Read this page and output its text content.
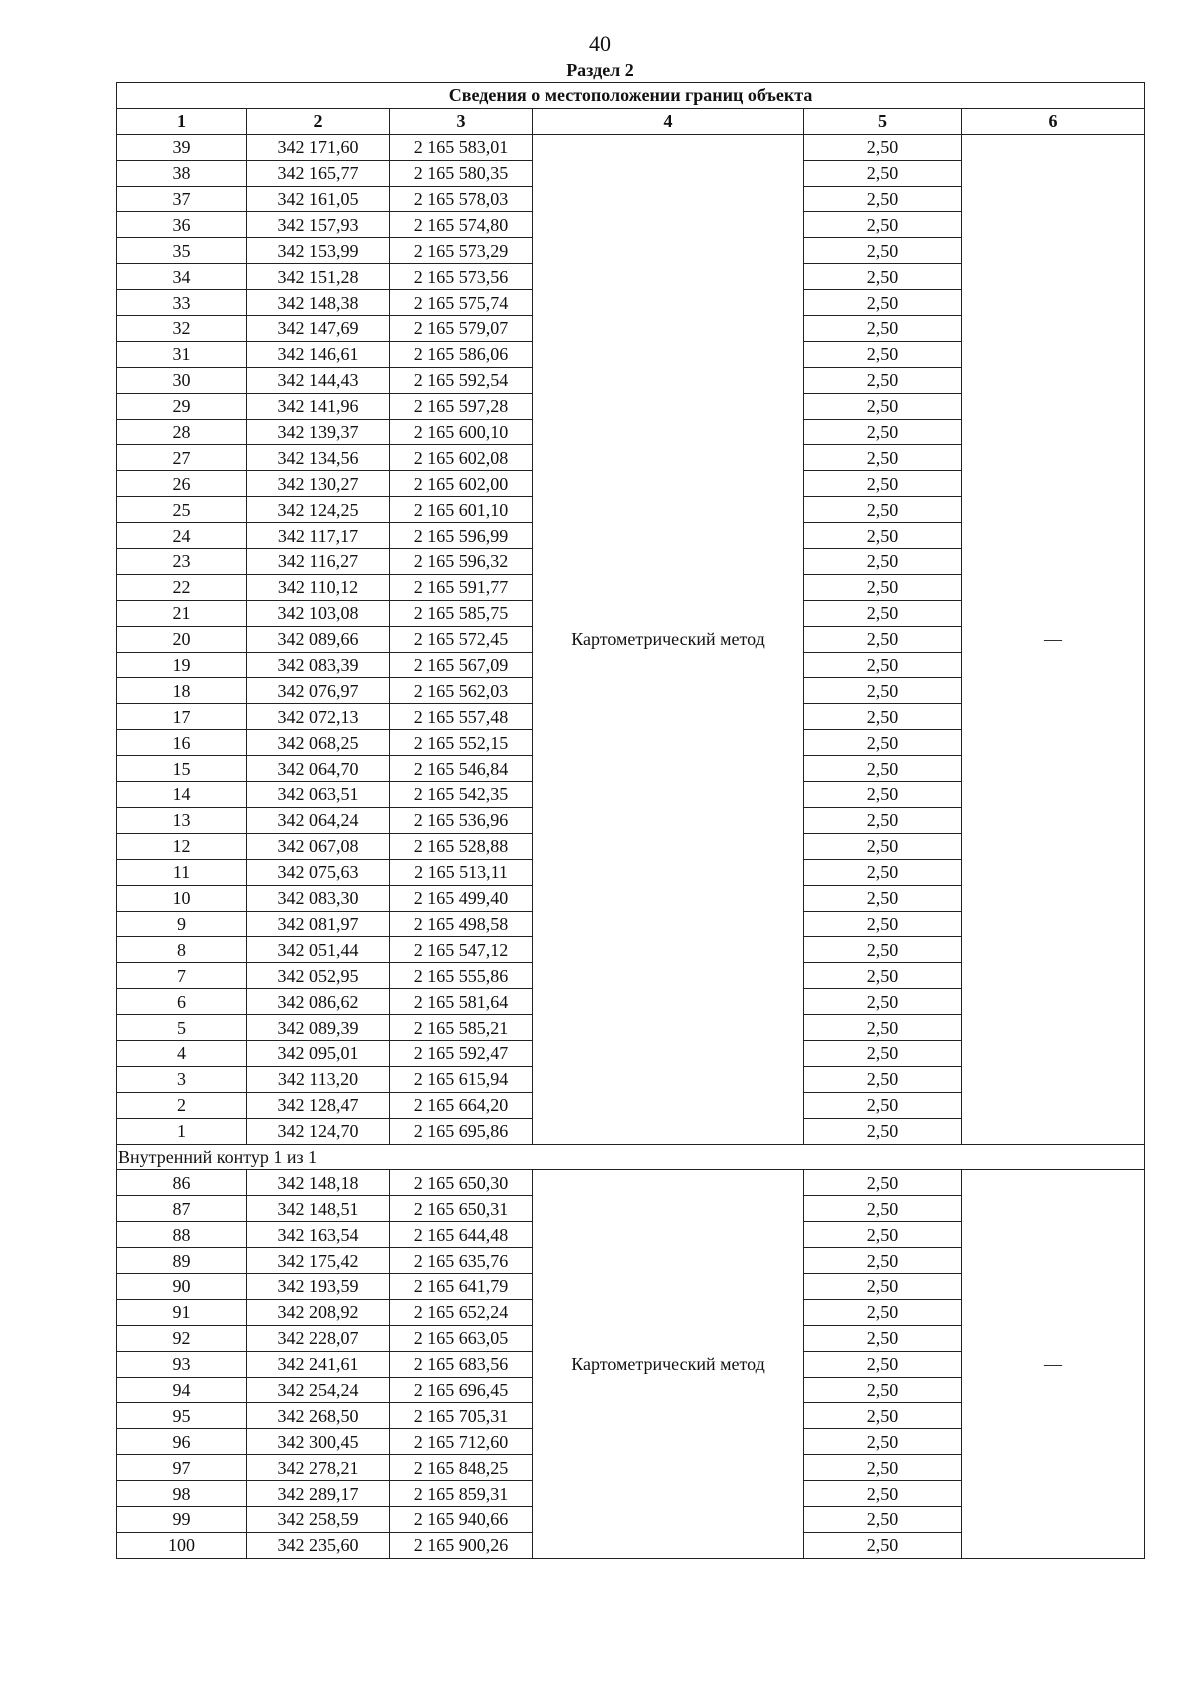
40
Раздел 2
Сведения о местоположении границ объекта					
1	2	3	4	5	6
39	342 171,60	2 165 583,01	Картометрический метод	2,50	—
38	342 165,77	2 165 580,35		2,50	
37	342 161,05	2 165 578,03		2,50	
36	342 157,93	2 165 574,80		2,50	
35	342 153,99	2 165 573,29		2,50	
34	342 151,28	2 165 573,56		2,50	
33	342 148,38	2 165 575,74		2,50	
32	342 147,69	2 165 579,07		2,50	
31	342 146,61	2 165 586,06		2,50	
30	342 144,43	2 165 592,54		2,50	
29	342 141,96	2 165 597,28		2,50	
28	342 139,37	2 165 600,10		2,50	
27	342 134,56	2 165 602,08		2,50	
26	342 130,27	2 165 602,00		2,50	
25	342 124,25	2 165 601,10		2,50	
24	342 117,17	2 165 596,99		2,50	
23	342 116,27	2 165 596,32		2,50	
22	342 110,12	2 165 591,77		2,50	
21	342 103,08	2 165 585,75		2,50	
20	342 089,66	2 165 572,45		2,50	
19	342 083,39	2 165 567,09		2,50	
18	342 076,97	2 165 562,03		2,50	
17	342 072,13	2 165 557,48		2,50	
16	342 068,25	2 165 552,15		2,50	
15	342 064,70	2 165 546,84		2,50	
14	342 063,51	2 165 542,35		2,50	
13	342 064,24	2 165 536,96		2,50	
12	342 067,08	2 165 528,88		2,50	
11	342 075,63	2 165 513,11		2,50	
10	342 083,30	2 165 499,40		2,50	
9	342 081,97	2 165 498,58		2,50	
8	342 051,44	2 165 547,12		2,50	
7	342 052,95	2 165 555,86		2,50	
6	342 086,62	2 165 581,64		2,50	
5	342 089,39	2 165 585,21		2,50	
4	342 095,01	2 165 592,47		2,50	
3	342 113,20	2 165 615,94		2,50	
2	342 128,47	2 165 664,20		2,50	
1	342 124,70	2 165 695,86		2,50	
Внутренний контур 1 из 1					
86	342 148,18	2 165 650,30	Картометрический метод	2,50	—
87	342 148,51	2 165 650,31		2,50	
88	342 163,54	2 165 644,48		2,50	
89	342 175,42	2 165 635,76		2,50	
90	342 193,59	2 165 641,79		2,50	
91	342 208,92	2 165 652,24		2,50	
92	342 228,07	2 165 663,05		2,50	
93	342 241,61	2 165 683,56		2,50	
94	342 254,24	2 165 696,45		2,50	
95	342 268,50	2 165 705,31		2,50	
96	342 300,45	2 165 712,60		2,50	
97	342 278,21	2 165 848,25		2,50	
98	342 289,17	2 165 859,31		2,50	
99	342 258,59	2 165 940,66		2,50	
100	342 235,60	2 165 900,26		2,50	
